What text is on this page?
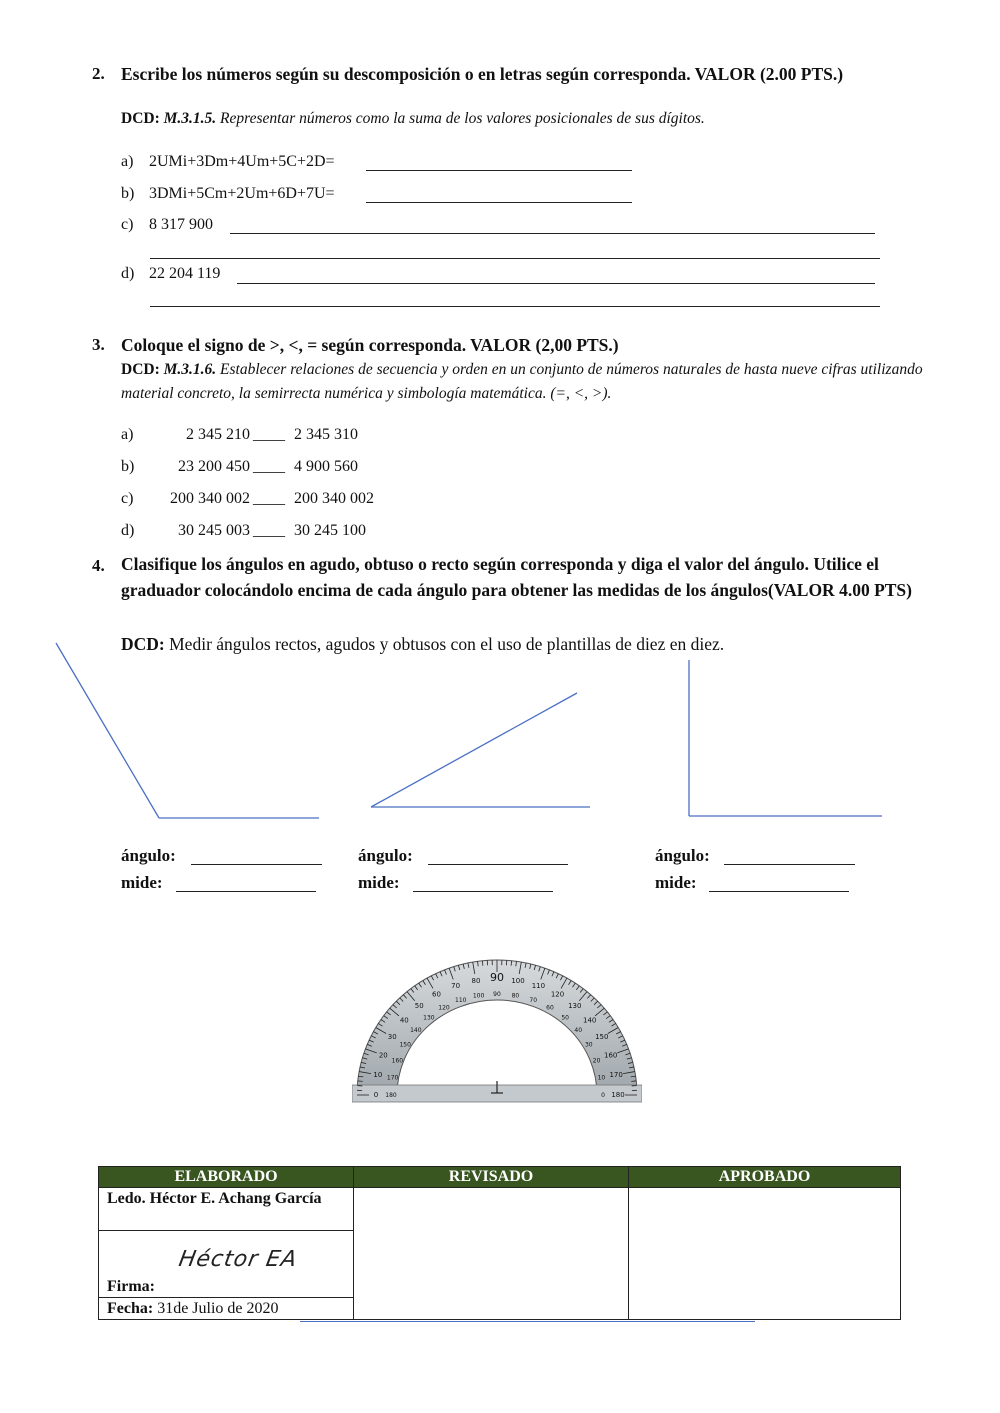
2. Escribe los números según su descomposición o en letras según corresponda. VALOR (2.00 PTS.)
DCD: M.3.1.5. Representar números como la suma de los valores posicionales de sus dígitos.
a) 2UMi+3Dm+4Um+5C+2D=
b) 3DMi+5Cm+2Um+6D+7U=
c) 8 317 900
d) 22 204 119
3. Coloque el signo de >, <, = según corresponda. VALOR (2,00 PTS.)
DCD: M.3.1.6. Establecer relaciones de secuencia y orden en un conjunto de números naturales de hasta nueve cifras utilizando material concreto, la semirrecta numérica y simbología matemática. (=, <, >).
a)	2 345 210 ____ 2 345 310
b)	23 200 450 ____ 4 900 560
c)	200 340 002 ____ 200 340 002
d)	30 245 003 ____ 30 245 100
4. Clasifique los ángulos en agudo, obtuso o recto según corresponda y diga el valor del ángulo. Utilice el graduador colocándolo encima de cada ángulo para obtener las medidas de los ángulos(VALOR 4.00 PTS)
DCD: Medir ángulos rectos, agudos y obtusos con el uso de plantillas de diez en diez.
ángulo:
mide:
ángulo:
mide:
ángulo:
mide:
0 180
10 170
20
160
30
150
40
140
50
130
60
120
70
110
80
100
90
90
100
80
110
70
120
60 130
50 140
40
150
30
160
20
170
10
180
0
ELABORADO	REVISADO	APROBADO

Ledo. Héctor E. Achang García		

Héctor EA
Firma:		

Fecha: 31de Julio de 2020		
